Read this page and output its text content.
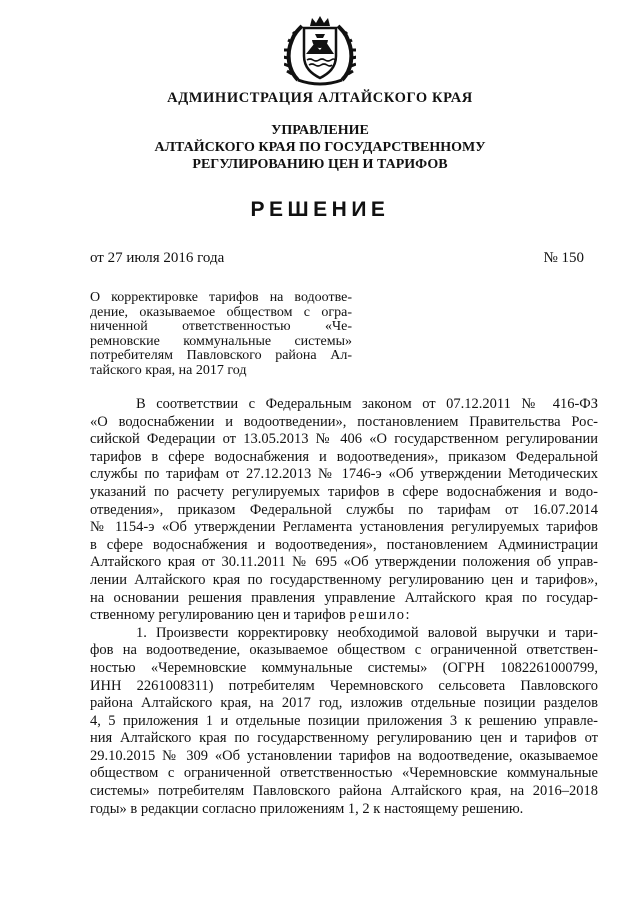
АДМИНИСТРАЦИЯ АЛТАЙСКОГО КРАЯ
УПРАВЛЕНИЕ
АЛТАЙСКОГО КРАЯ ПО ГОСУДАРСТВЕННОМУ
РЕГУЛИРОВАНИЮ ЦЕН И ТАРИФОВ
РЕШЕНИЕ
от 27 июля 2016 года	№ 150
О корректировке тарифов на водоотве-
дение, оказываемое обществом с огра-
ниченной ответственностью «Че-
ремновские коммунальные системы»
потребителям Павловского района Ал-
тайского края, на 2017 год
В соответствии с Федеральным законом от 07.12.2011 № 416-ФЗ
«О водоснабжении и водоотведении», постановлением Правительства Рос-
сийской Федерации от 13.05.2013 № 406 «О государственном регулировании
тарифов в сфере водоснабжения и водоотведения», приказом Федеральной
службы по тарифам от 27.12.2013 № 1746-э «Об утверждении Методических
указаний по расчету регулируемых тарифов в сфере водоснабжения и водо-
отведения», приказом Федеральной службы по тарифам от 16.07.2014
№ 1154-э «Об утверждении Регламента установления регулируемых тарифов
в сфере водоснабжения и водоотведения», постановлением Администрации
Алтайского края от 30.11.2011 № 695 «Об утверждении положения об управ-
лении Алтайского края по государственному регулированию цен и тарифов»,
на основании решения правления управление Алтайского края по государ-
ственному регулированию цен и тарифов решило:
1. Произвести корректировку необходимой валовой выручки и тари-
фов на водоотведение, оказываемое обществом с ограниченной ответствен-
ностью «Черемновские коммунальные системы» (ОГРН 1082261000799,
ИНН 2261008311) потребителям Черемновского сельсовета Павловского
района Алтайского края, на 2017 год, изложив отдельные позиции разделов
4, 5 приложения 1 и отдельные позиции приложения 3 к решению управле-
ния Алтайского края по государственному регулированию цен и тарифов от
29.10.2015 № 309 «Об установлении тарифов на водоотведение, оказываемое
обществом с ограниченной ответственностью «Черемновские коммунальные
системы» потребителям Павловского района Алтайского края, на 2016–2018
годы» в редакции согласно приложениям 1, 2 к настоящему решению.
